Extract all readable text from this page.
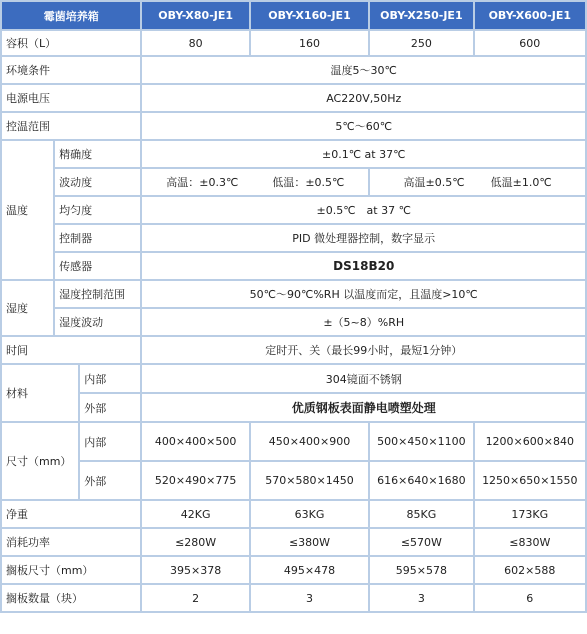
霉菌培养箱			OBY-X80-JE1	OBY-X160-JE1	OBY-X250-JE1	OBY-X600-JE1
容积（L）			80	160	250	600
环境条件			温度5～30℃			
电源电压			AC220V,50Hz			
控温范围			5℃～60℃			
温度	精确度		±0.1℃ at 37℃			
	波动度		高温：±0.3℃ 低温：±0.5℃		高温±0.5℃ 低温±1.0℃	
	均匀度		±0.5℃　at 37 ℃			
	控制器		PID 微处理器控制，数字显示			
	传感器		DS18B20			
湿度	湿度控制范围		50℃～90℃%RH 以温度而定，且温度>10℃			
	湿度波动		±（5~8）%RH			
时间			定时开、关（最长99小时，最短1分钟）			
材料		内部	304镜面不锈钢			
		外部	优质钢板表面静电喷塑处理			
尺寸（mm）		内部	400×400×500	450×400×900	500×450×1100	1200×600×840
		外部	520×490×775	570×580×1450	616×640×1680	1250×650×1550
净重			42KG	63KG	85KG	173KG
消耗功率			≤280W	≤380W	≤570W	≤830W
搁板尺寸（mm）			395×378	495×478	595×578	602×588
搁板数量（块）			2	3	3	6
